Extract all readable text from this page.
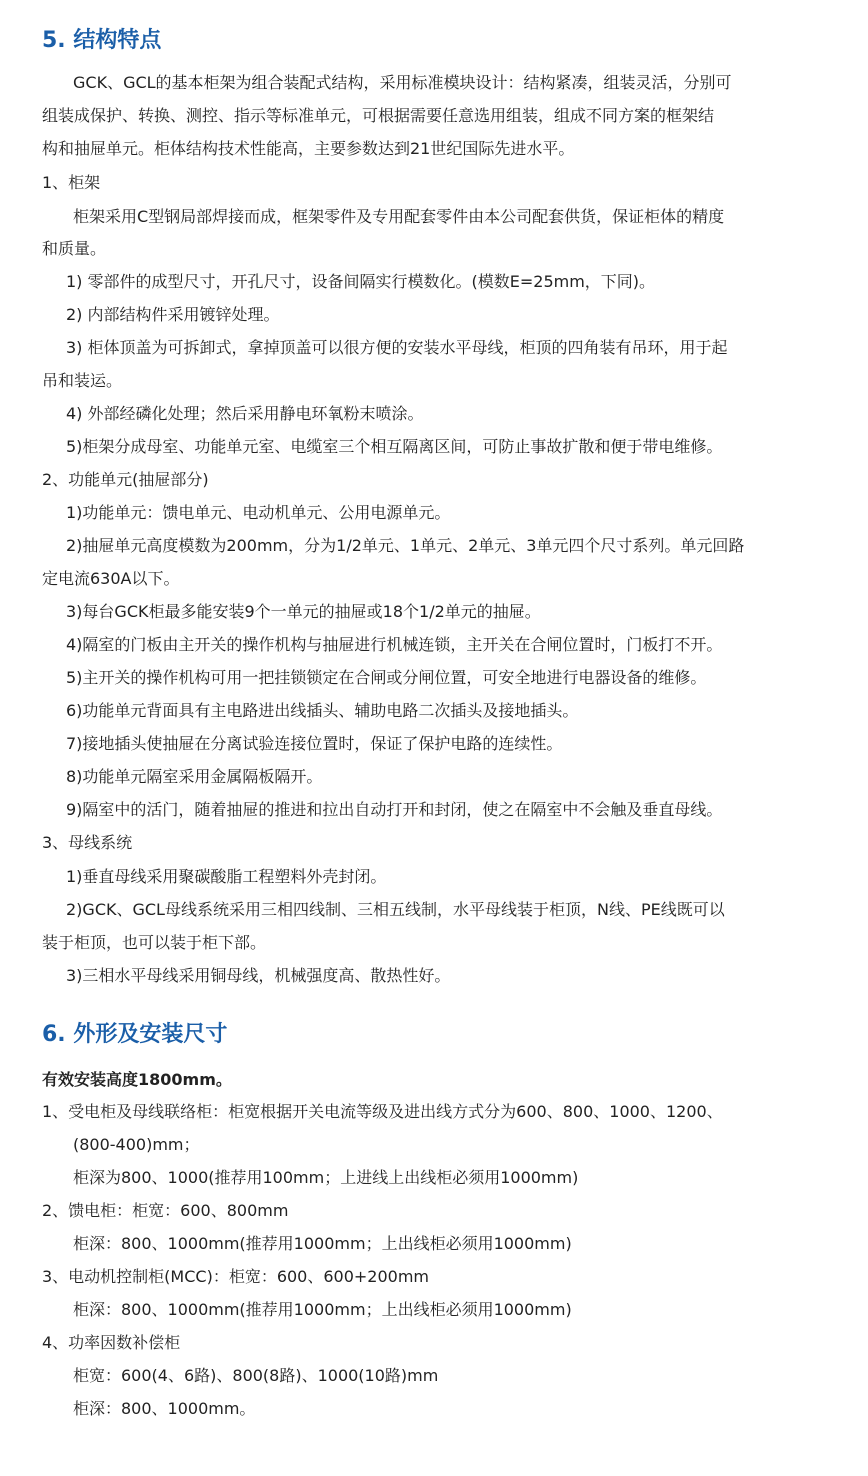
5. 结构特点
GCK、GCL的基本柜架为组合装配式结构，采用标准模块设计：结构紧凑，组装灵活，分别可
组装成保护、转换、测控、指示等标准单元，可根据需要任意选用组装，组成不同方案的框架结
构和抽屉单元。柜体结构技术性能高，主要参数达到21世纪国际先进水平。
1、柜架
柜架采用C型钢局部焊接而成，框架零件及专用配套零件由本公司配套供货，保证柜体的精度
和质量。
1) 零部件的成型尺寸，开孔尺寸，设备间隔实行模数化。(模数E=25mm，下同)。
2) 内部结构件采用镀锌处理。
3) 柜体顶盖为可拆卸式，拿掉顶盖可以很方便的安装水平母线，柜顶的四角装有吊环，用于起
吊和装运。
4) 外部经磷化处理；然后采用静电环氧粉末喷涂。
5)柜架分成母室、功能单元室、电缆室三个相互隔离区间，可防止事故扩散和便于带电维修。
2、功能单元(抽屉部分)
1)功能单元：馈电单元、电动机单元、公用电源单元。
2)抽屉单元高度模数为200mm，分为1/2单元、1单元、2单元、3单元四个尺寸系列。单元回路
定电流630A以下。
3)每台GCK柜最多能安装9个一单元的抽屉或18个1/2单元的抽屉。
4)隔室的门板由主开关的操作机构与抽屉进行机械连锁，主开关在合闸位置时，门板打不开。
5)主开关的操作机构可用一把挂锁锁定在合闸或分闸位置，可安全地进行电器设备的维修。
6)功能单元背面具有主电路进出线插头、辅助电路二次插头及接地插头。
7)接地插头使抽屉在分离试验连接位置时，保证了保护电路的连续性。
8)功能单元隔室采用金属隔板隔开。
9)隔室中的活门，随着抽屉的推进和拉出自动打开和封闭，使之在隔室中不会触及垂直母线。
3、母线系统
1)垂直母线采用聚碳酸脂工程塑料外壳封闭。
2)GCK、GCL母线系统采用三相四线制、三相五线制，水平母线装于柜顶，N线、PE线既可以
装于柜顶，也可以装于柜下部。
3)三相水平母线采用铜母线，机械强度高、散热性好。
6. 外形及安装尺寸
有效安装高度1800mm。
1、受电柜及母线联络柜：柜宽根据开关电流等级及进出线方式分为600、800、1000、1200、
(800-400)mm；
柜深为800、1000(推荐用100mm；上进线上出线柜必须用1000mm)
2、馈电柜：柜宽：600、800mm
柜深：800、1000mm(推荐用1000mm；上出线柜必须用1000mm)
3、电动机控制柜(MCC)：柜宽：600、600+200mm
柜深：800、1000mm(推荐用1000mm；上出线柜必须用1000mm)
4、功率因数补偿柜
柜宽：600(4、6路)、800(8路)、1000(10路)mm
柜深：800、1000mm。
